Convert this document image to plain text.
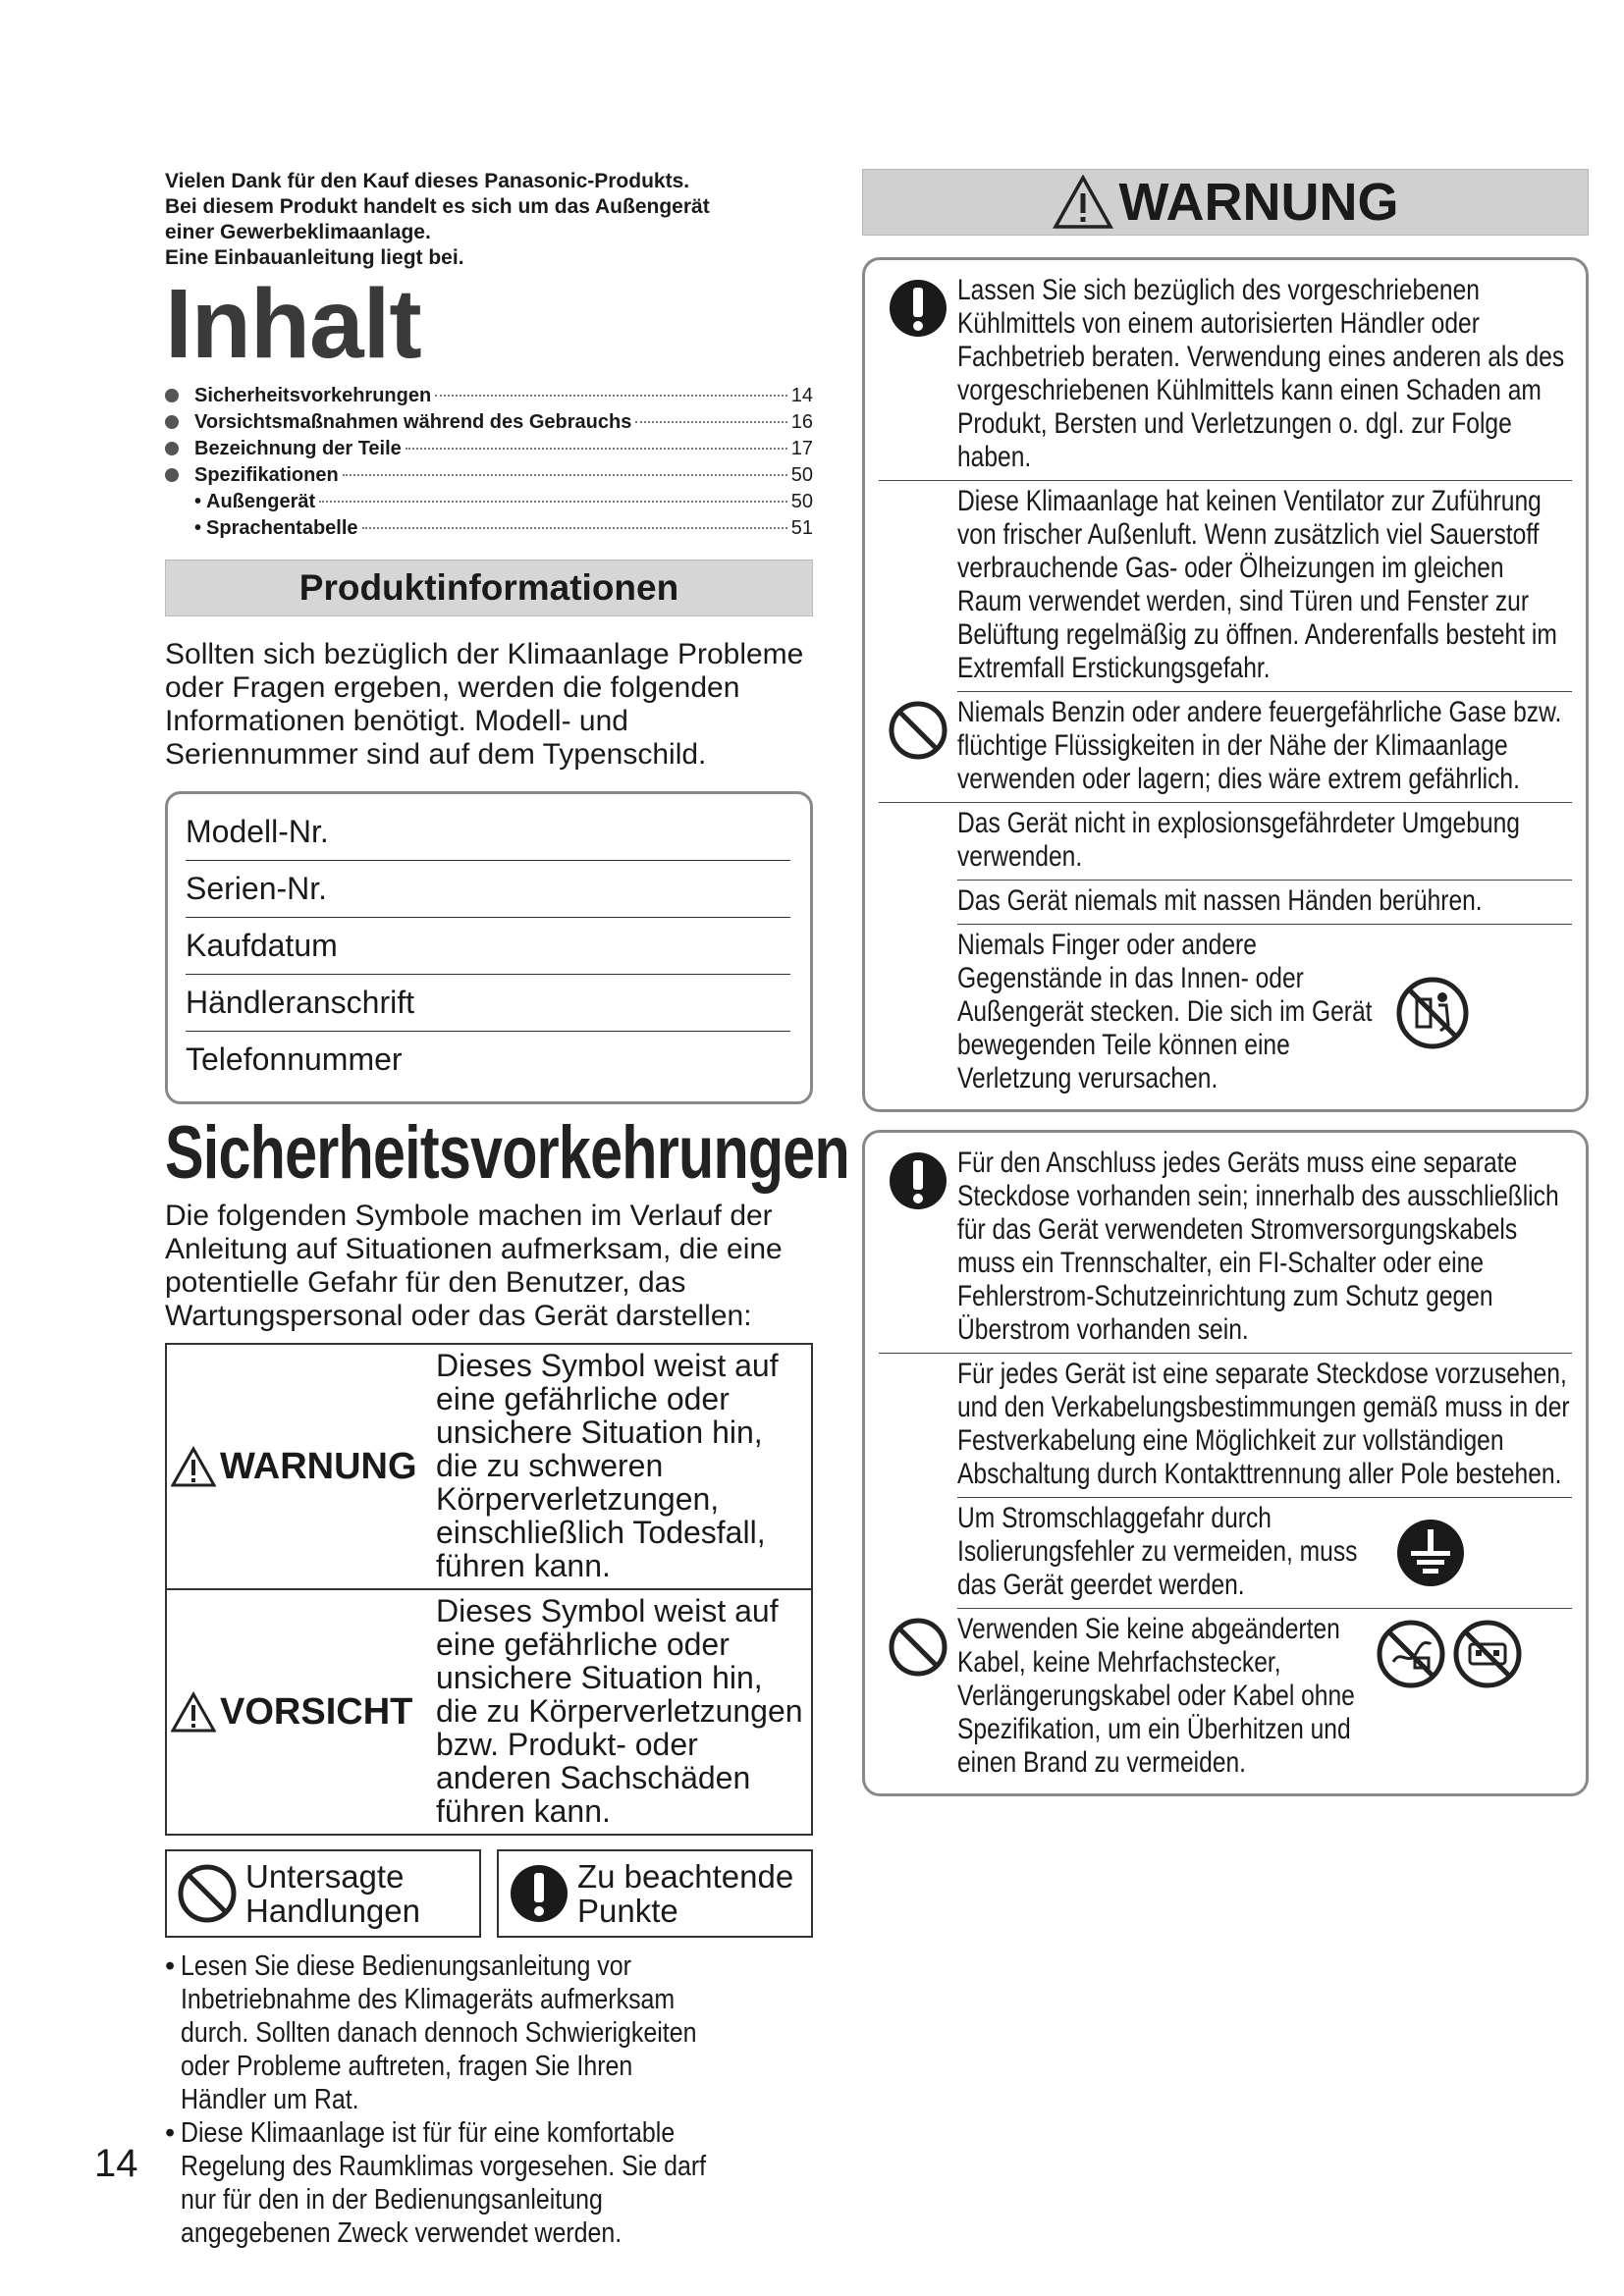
Vielen Dank für den Kauf dieses Panasonic-Produkts.

Bei diesem Produkt handelt es sich um das Außengerät

einer Gewerbeklimaanlage.

Eine Einbauanleitung liegt bei.

Inhalt
Sicherheitsvorkehrungen	14
Vorsichtsmaßnahmen während des Gebrauchs	16
Bezeichnung der Teile	17
Spezifikationen	50
• Außengerät	50
• Sprachentabelle	51
Produktinformationen

Sollten sich bezüglich der Klimaanlage Probleme oder Fragen ergeben, werden die folgenden Informationen benötigt. Modell- und Seriennummer sind auf dem Typenschild.

Modell-Nr.
Serien-Nr.
Kaufdatum
Händleranschrift
Telefonnummer
Sicherheitsvorkehrungen

Die folgenden Symbole machen im Verlauf der Anleitung auf Situationen aufmerksam, die eine potentielle Gefahr für den Benutzer, das Wartungspersonal oder das Gerät darstellen:

WARNUNG
Dieses Symbol weist auf eine gefährliche oder unsichere Situation hin, die zu schweren Körperverletzungen, einschließlich Todesfall, führen kann.
VORSICHT
Dieses Symbol weist auf eine gefährliche oder unsichere Situation hin, die zu Körperverletzungen bzw. Produkt- oder anderen Sachschäden führen kann.
Untersagte Handlungen
Zu beachtende Punkte
• Lesen Sie diese Bedienungsanleitung vor Inbetriebnahme des Klimageräts aufmerksam durch. Sollten danach dennoch Schwierigkeiten oder Probleme auftreten, fragen Sie Ihren Händler um Rat.
• Diese Klimaanlage ist für für eine komfortable Regelung des Raumklimas vorgesehen. Sie darf nur für den in der Bedienungsanleitung angegebenen Zweck verwendet werden.
14
WARNUNG
Lassen Sie sich bezüglich des vorgeschriebenen Kühlmittels von einem autorisierten Händler oder Fachbetrieb beraten. Verwendung eines anderen als des vorgeschriebenen Kühlmittels kann einen Schaden am Produkt, Bersten und Verletzungen o. dgl. zur Folge haben.
Diese Klimaanlage hat keinen Ventilator zur Zuführung von frischer Außenluft. Wenn zusätzlich viel Sauerstoff verbrauchende Gas- oder Ölheizungen im gleichen Raum verwendet werden, sind Türen und Fenster zur Belüftung regelmäßig zu öffnen. Anderenfalls besteht im Extremfall Erstickungsgefahr.
Niemals Benzin oder andere feuergefährliche Gase bzw. flüchtige Flüssigkeiten in der Nähe der Klimaanlage verwenden oder lagern; dies wäre extrem gefährlich.
Das Gerät nicht in explosionsgefährdeter Umgebung verwenden.
Das Gerät niemals mit nassen Händen berühren.
Niemals Finger oder andere Gegenstände in das Innen- oder Außengerät stecken. Die sich im Gerät bewegenden Teile können eine Verletzung verursachen.
Für den Anschluss jedes Geräts muss eine separate Steckdose vorhanden sein; innerhalb des ausschließlich für das Gerät verwendeten Stromversorgungskabels muss ein Trennschalter, ein FI-Schalter oder eine Fehlerstrom-Schutzeinrichtung zum Schutz gegen Überstrom vorhanden sein.
Für jedes Gerät ist eine separate Steckdose vorzusehen, und den Verkabelungsbestimmungen gemäß muss in der Festverkabelung eine Möglichkeit zur vollständigen Abschaltung durch Kontakttrennung aller Pole bestehen.
Um Stromschlaggefahr durch Isolierungsfehler zu vermeiden, muss das Gerät geerdet werden.
Verwenden Sie keine abgeänderten Kabel, keine Mehrfachstecker, Verlängerungskabel oder Kabel ohne Spezifikation, um ein Überhitzen und einen Brand zu vermeiden.
